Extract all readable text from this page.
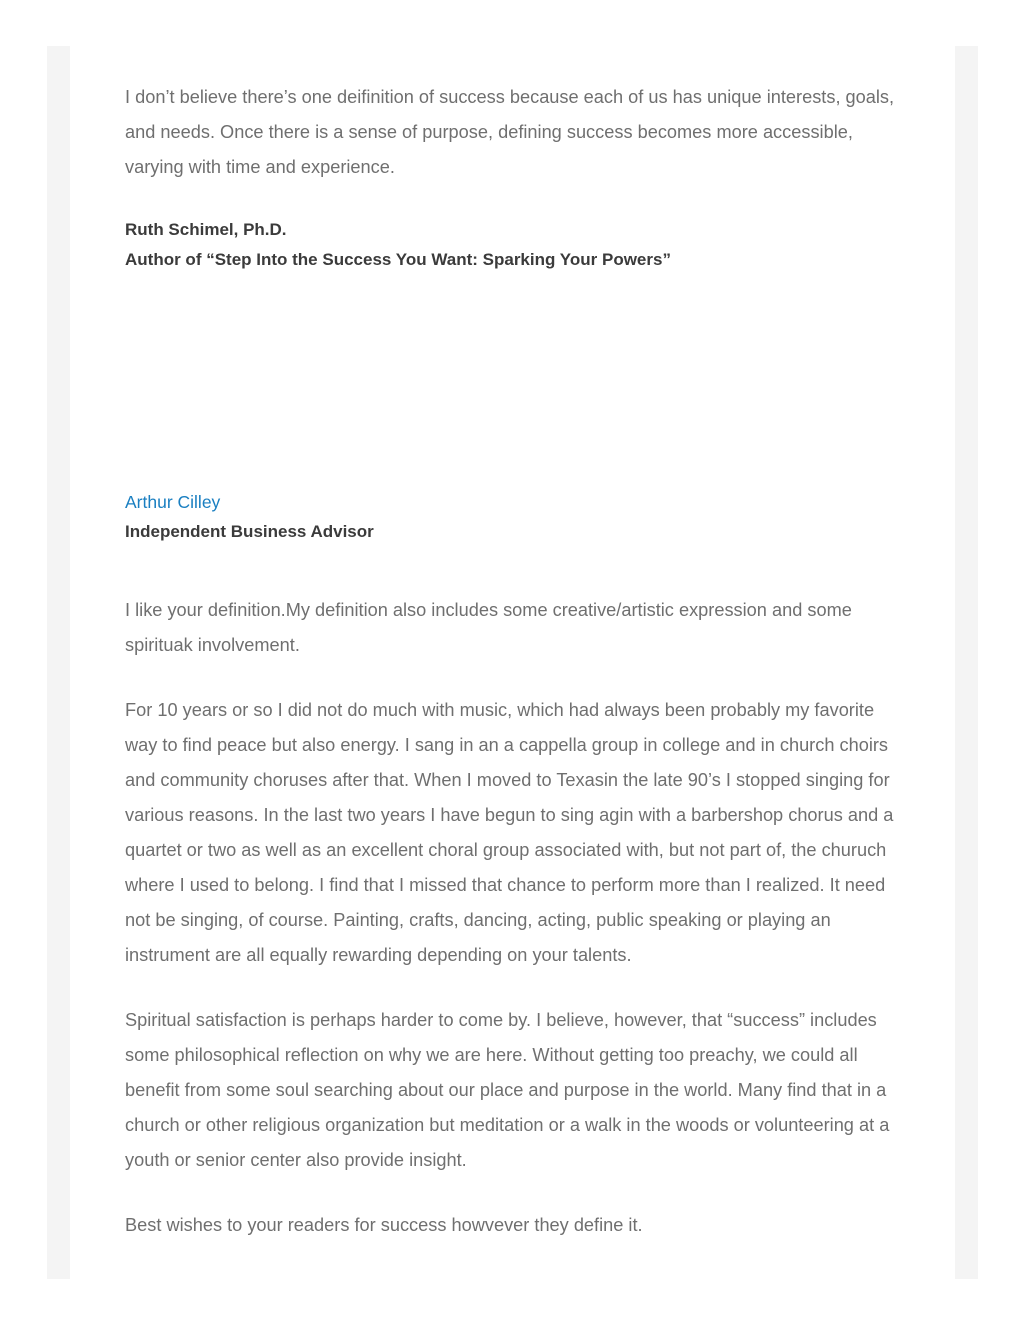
I don’t believe there’s one deifinition of success because each of us has unique interests, goals, and needs. Once there is a sense of purpose, defining success becomes more accessible, varying with time and experience.

Ruth Schimel, Ph.D.
Author of “Step Into the Success You Want: Sparking Your Powers”
Arthur Cilley
Independent Business Advisor

I like your definition.My definition also includes some creative/artistic expression and some spirituak involvement.

For 10 years or so I did not do much with music, which had always been probably my favorite way to find peace but also energy. I sang in an a cappella group in college and in church choirs and community choruses after that. When I moved to Texasin the late 90’s I stopped singing for various reasons. In the last two years I have begun to sing agin with a barbershop chorus and a quartet or two as well as an excellent choral group associated with, but not part of, the churuch where I used to belong. I find that I missed that chance to perform more than I realized. It need not be singing, of course. Painting, crafts, dancing, acting, public speaking or playing an instrument are all equally rewarding depending on your talents.

Spiritual satisfaction is perhaps harder to come by. I believe, however, that “success” includes some philosophical reflection on why we are here. Without getting too preachy, we could all benefit from some soul searching about our place and purpose in the world. Many find that in a church or other religious organization but meditation or a walk in the woods or volunteering at a youth or senior center also provide insight.

Best wishes to your readers for success howvever they define it.
